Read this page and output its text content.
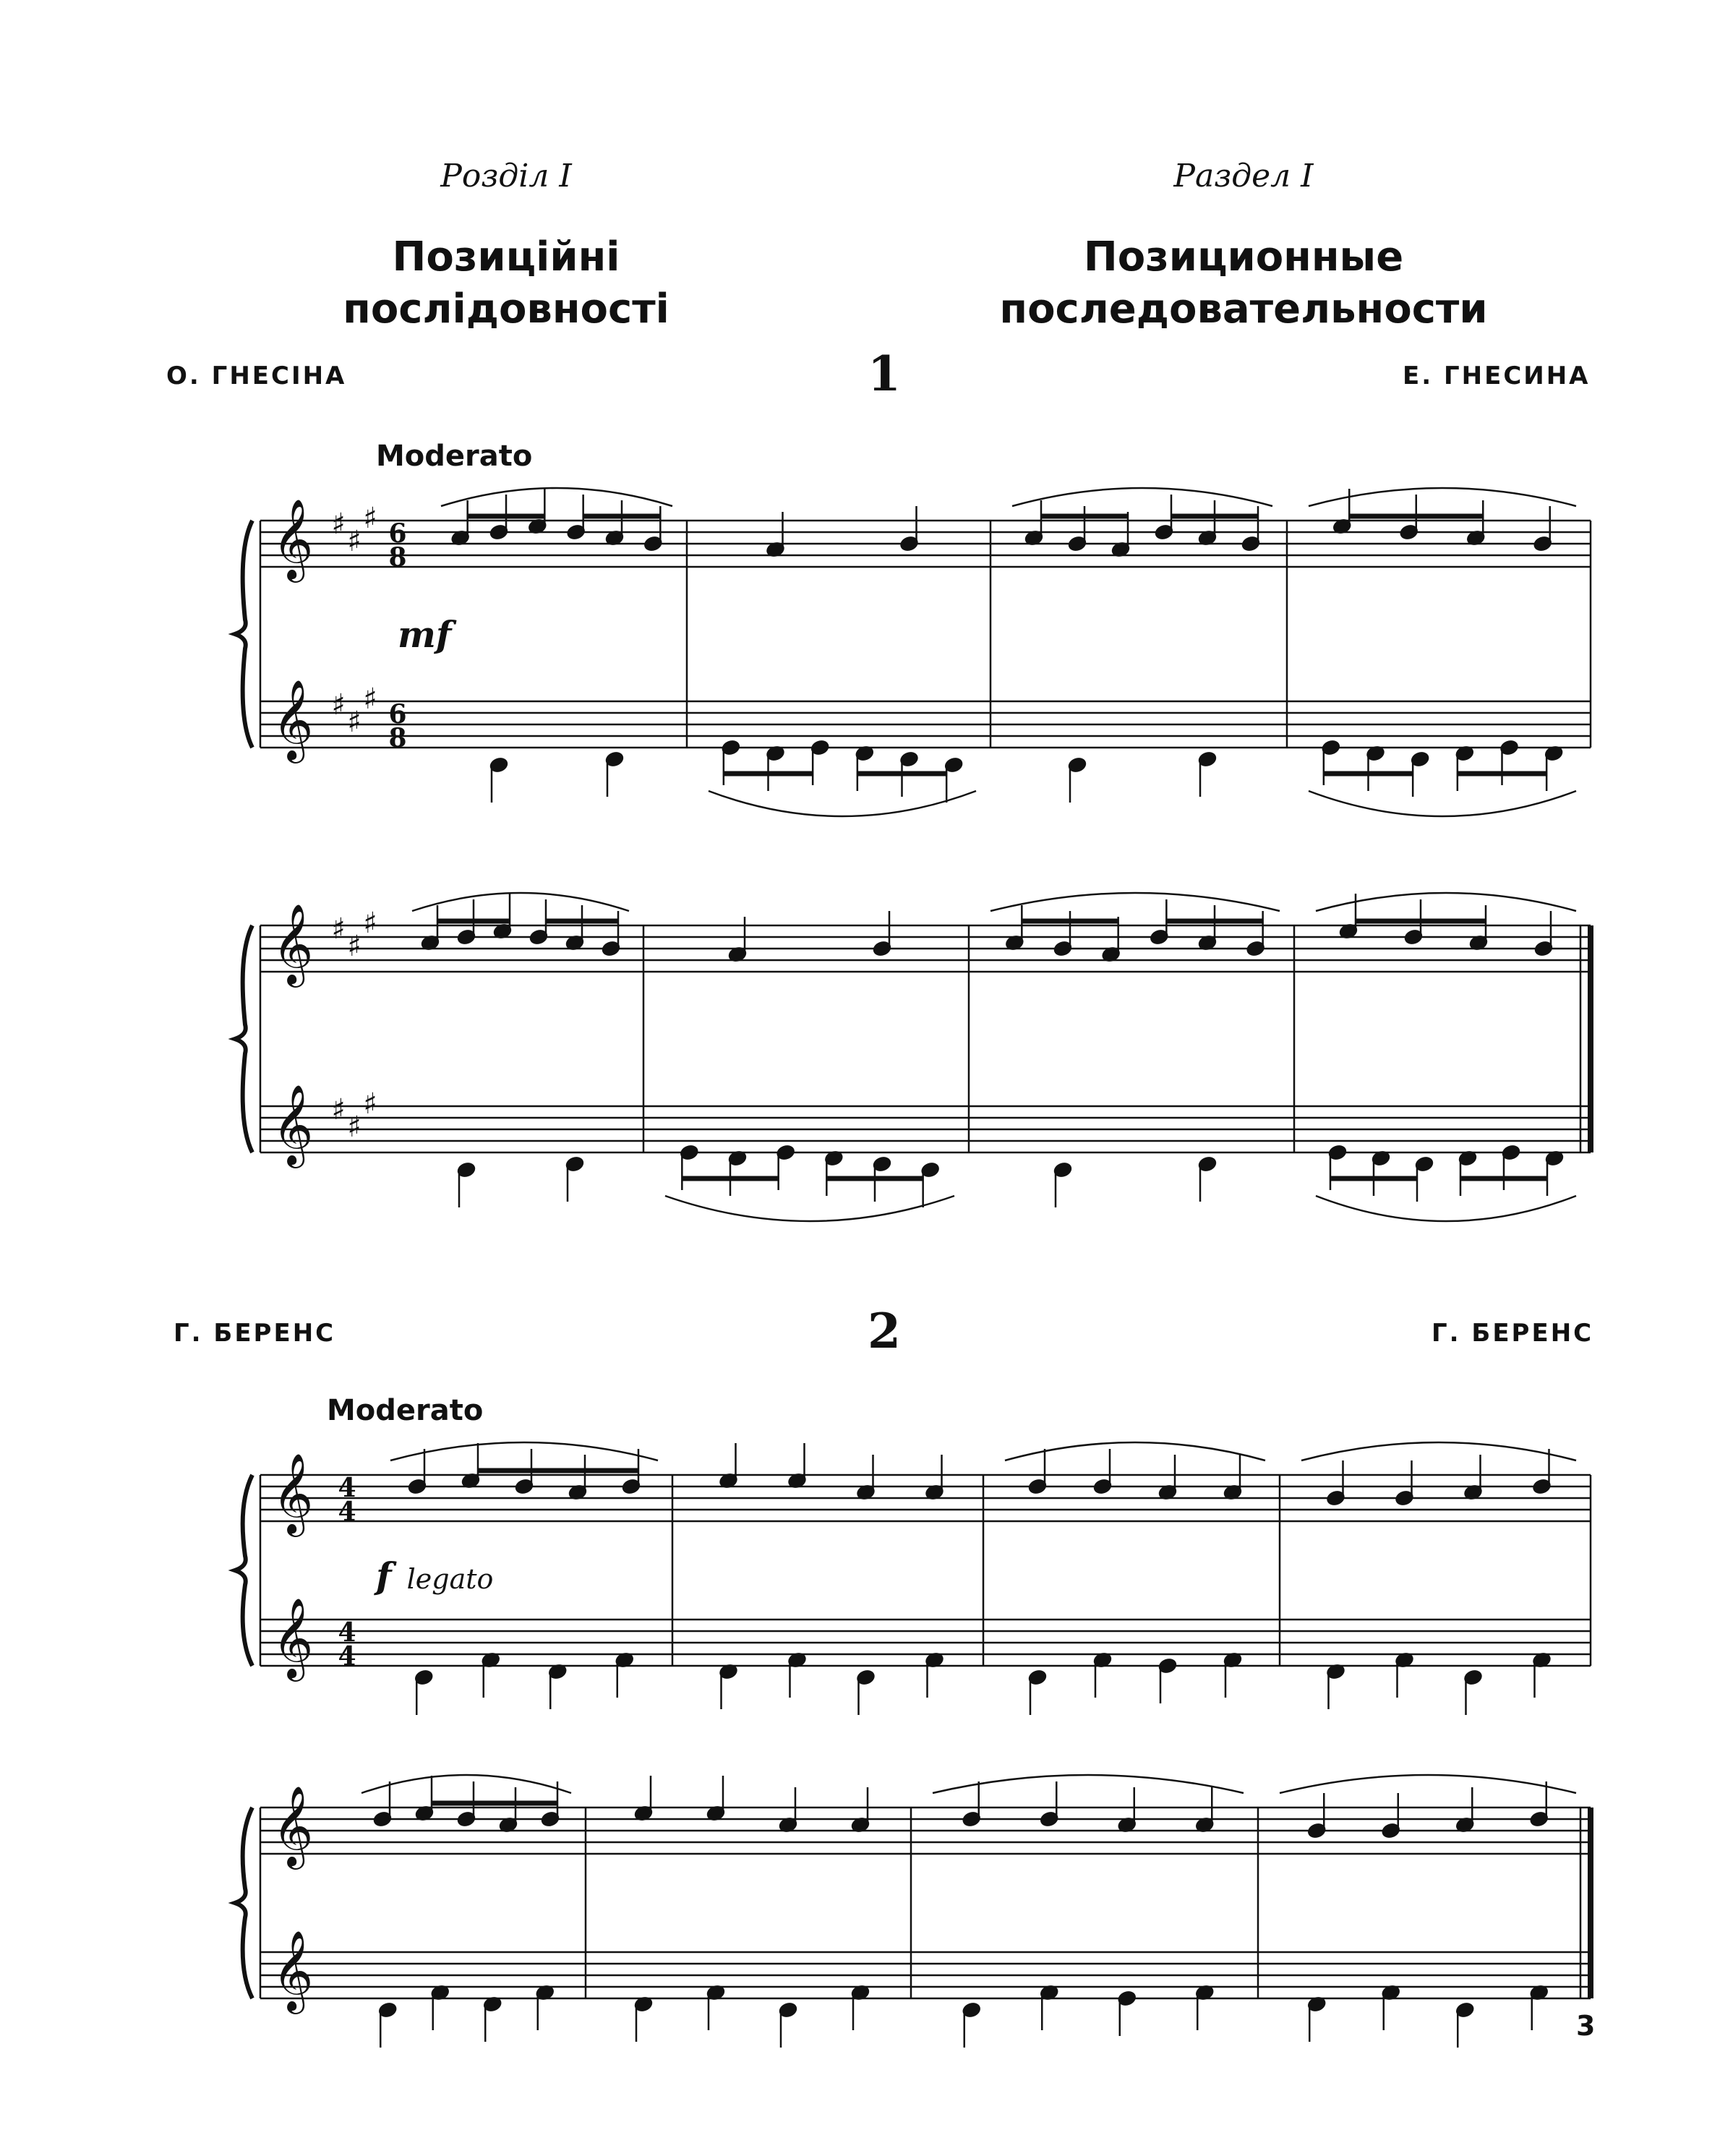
Розділ I	Раздел I
Позиційні
послідовності
Позиционные
последовательности
О. ГНЕСІНА	1	Е. ГНЕСИНА
Moderato
mf
Г. БЕРЕНС	2	Г. БЕРЕНС
Moderato
f legato
𝄞
𝄞
♯
♯
♯
♯
♯
♯
6
8
6
8
𝄞
𝄞
♯
♯
♯
♯
♯
♯
𝄞
𝄞
4
4
4
4
𝄞
𝄞
3
